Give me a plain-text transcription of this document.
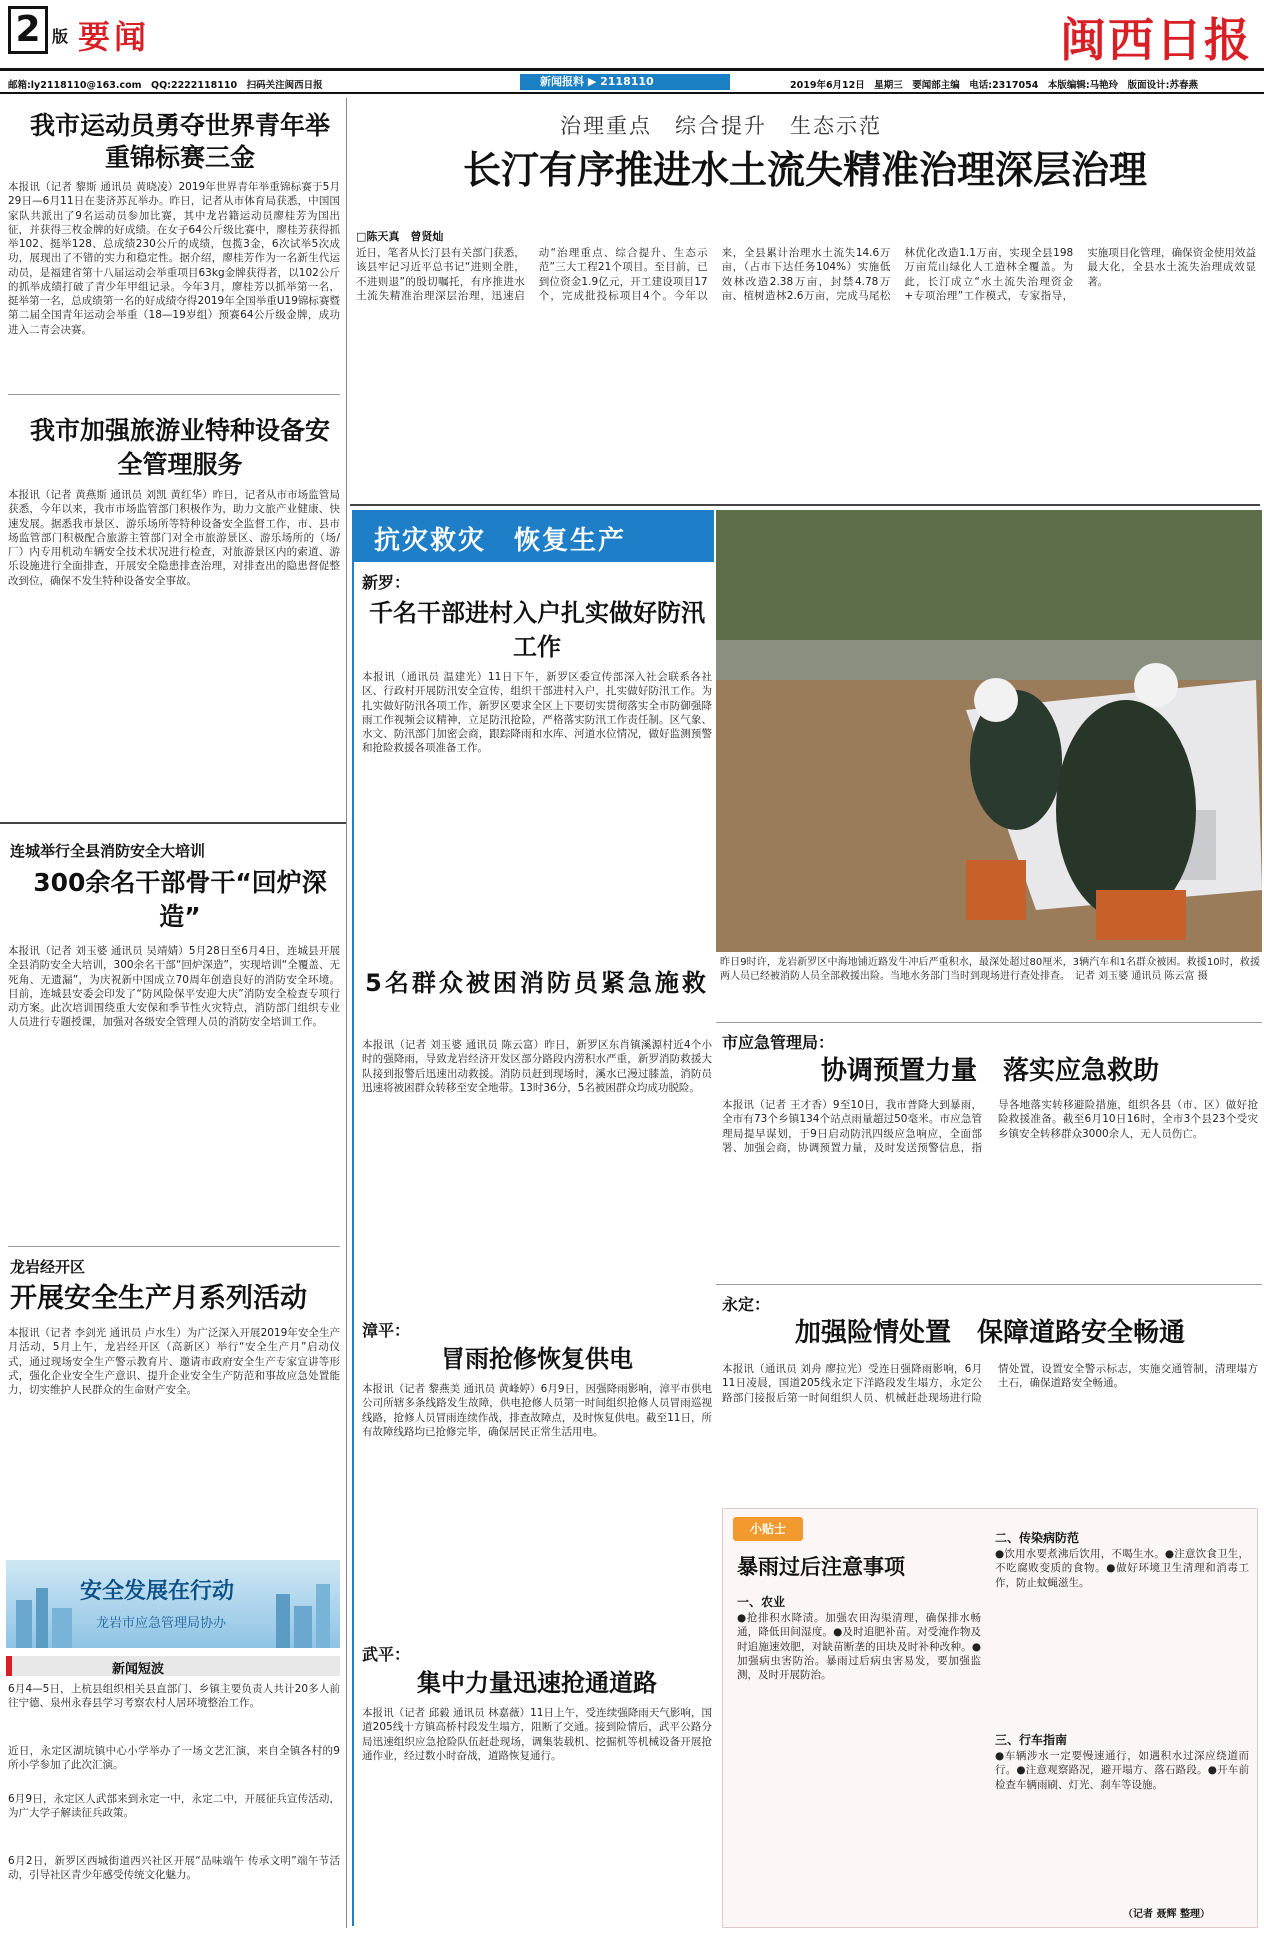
2 版 要闻	闽西日报
邮箱:ly2118110@163.com　QQ:2222118110　扫码关注闽西日报	新闻报料 ▶ 2118110	2019年6月12日　星期三　要闻部主编　电话:2317054　本版编辑:马艳玲　版面设计:苏春燕
我市运动员勇夺世界青年举重锦标赛三金
本报讯（记者 黎斯 通讯员 黄晓凌）2019年世界青年举重锦标赛于5月29日—6月11日在斐济苏瓦举办。昨日，记者从市体育局获悉，中国国家队共派出了9名运动员参加比赛，其中龙岩籍运动员廖桂芳为国出征，并获得三枚金牌的好成绩。在女子64公斤级比赛中，廖桂芳获得抓举102、挺举128、总成绩230公斤的成绩，包揽3金，6次试举5次成功，展现出了不错的实力和稳定性。据介绍，廖桂芳作为一名新生代运动员，是福建省第十八届运动会举重项目63kg金牌获得者，以102公斤的抓举成绩打破了青少年甲组记录。今年3月，廖桂芳以抓举第一名，挺举第一名，总成绩第一名的好成绩夺得2019年全国举重U19锦标赛暨第二届全国青年运动会举重（18—19岁组）预赛64公斤级金牌，成功进入二青会决赛。
我市加强旅游业特种设备安全管理服务
本报讯（记者 黄燕斯 通讯员 刘凯 黄红华）昨日，记者从市市场监管局获悉，今年以来，我市市场监管部门积极作为，助力文旅产业健康、快速发展。据悉我市景区、游乐场所等特种设备安全监督工作，市、县市场监管部门积极配合旅游主管部门对全市旅游景区、游乐场所的（场/厂）内专用机动车辆安全技术状况进行检查，对旅游景区内的索道、游乐设施进行全面排查，开展安全隐患排查治理，对排查出的隐患督促整改到位，确保不发生特种设备安全事故。
连城举行全县消防安全大培训
300余名干部骨干“回炉深造”
本报讯（记者 刘玉婆 通讯员 吴靖婧）5月28日至6月4日，连城县开展全县消防安全大培训，300余名干部“回炉深造”，实现培训“全覆盖、无死角、无遗漏”，为庆祝新中国成立70周年创造良好的消防安全环境。目前，连城县安委会印发了“防风险保平安迎大庆”消防安全检查专项行动方案。此次培训围绕重大安保和季节性火灾特点，消防部门组织专业人员进行专题授课，加强对各级安全管理人员的消防安全培训工作。
龙岩经开区
开展安全生产月系列活动
本报讯（记者 李剑光 通讯员 卢水生）为广泛深入开展2019年安全生产月活动，5月上午，龙岩经开区（高新区）举行“安全生产月”启动仪式，通过现场安全生产警示教育片、邀请市政府安全生产专家宣讲等形式，强化企业安全生产意识、提升企业安全生产防范和事故应急处置能力，切实维护人民群众的生命财产安全。
安全发展在行动
龙岩市应急管理局协办
新闻短波
6月4—5日，上杭县组织相关县直部门、乡镇主要负责人共计20多人前往宁德、泉州永春县学习考察农村人居环境整治工作。
近日，永定区湖坑镇中心小学举办了一场文艺汇演，来自全镇各村的9所小学参加了此次汇演。
6月9日，永定区人武部来到永定一中，永定二中，开展征兵宣传活动，为广大学子解读征兵政策。
6月2日，新罗区西城街道西兴社区开展“品味端午 传承文明”端午节活动，引导社区青少年感受传统文化魅力。
治理重点　综合提升　生态示范
长汀有序推进水土流失精准治理深层治理
□陈天真　曾贤灿
近日，笔者从长汀县有关部门获悉，该县牢记习近平总书记“进则全胜，不进则退”的殷切嘱托，有序推进水土流失精准治理深层治理，迅速启动“治理重点、综合提升、生态示范”三大工程21个项目。至目前，已到位资金1.9亿元，开工建设项目17个，完成批投标项目4个。今年以来，全县累计治理水土流失14.6万亩，（占市下达任务104%）实施低效林改造2.38万亩，封禁4.78万亩、植树造林2.6万亩，完成马尾松林优化改造1.1万亩，实现全县198万亩荒山绿化人工造林全覆盖。为此，长汀成立“水土流失治理资金+专项治理”工作模式，专家指导，实施项目化管理，确保资金使用效益最大化，全县水土流失治理成效显著。
抗灾救灾　恢复生产
昨日9时许，龙岩新罗区中海地铺近路发牛冲后严重积水，最深处超过80厘米，3辆汽车和1名群众被困。救援10时，救援两人员已经被消防人员全部救援出险。当地水务部门当时到现场进行查处排查。　记者 刘玉婆 通讯员 陈云富 摄
新罗：
千名干部进村入户扎实做好防汛工作
本报讯（通讯员 温建光）11日下午，新罗区委宣传部深入社会联系各社区、行政村开展防汛安全宣传，组织干部进村入户，扎实做好防汛工作。为扎实做好防汛各项工作，新罗区要求全区上下要切实贯彻落实全市防御强降雨工作视频会议精神，立足防汛抢险，严格落实防汛工作责任制。区气象、水文、防汛部门加密会商，跟踪降雨和水库、河道水位情况，做好监测预警和抢险救援各项准备工作。
5名群众被困消防员紧急施救
本报讯（记者 刘玉婆 通讯员 陈云富）昨日，新罗区东肖镇溪源村近4个小时的强降雨，导致龙岩经济开发区部分路段内涝积水严重，新罗消防救援大队接到报警后迅速出动救援。消防员赶到现场时，溪水已漫过膝盖，消防员迅速将被困群众转移至安全地带。13时36分，5名被困群众均成功脱险。
漳平：
冒雨抢修恢复供电
本报讯（记者 黎燕美 通讯员 黄峰婷）6月9日，因强降雨影响，漳平市供电公司所辖多条线路发生故障，供电抢修人员第一时间组织抢修人员冒雨巡视线路，抢修人员冒雨连续作战，排查故障点，及时恢复供电。截至11日，所有故障线路均已抢修完毕，确保居民正常生活用电。
武平：
集中力量迅速抢通道路
本报讯（记者 邱毅 通讯员 林嘉薇）11日上午，受连续强降雨天气影响，国道205线十方镇高桥村段发生塌方，阻断了交通。接到险情后，武平公路分局迅速组织应急抢险队伍赶赴现场，调集装载机、挖掘机等机械设备开展抢通作业，经过数小时奋战，道路恢复通行。
市应急管理局：
协调预置力量　落实应急救助
本报讯（记者 王才香）9至10日，我市普降大到暴雨，全市有73个乡镇134个站点雨量超过50毫米。市应急管理局提早谋划，于9日启动防汛四级应急响应，全面部署、加强会商，协调预置力量，及时发送预警信息，指导各地落实转移避险措施，组织各县（市、区）做好抢险救援准备。截至6月10日16时，全市3个县23个受灾乡镇安全转移群众3000余人，无人员伤亡。
永定：
加强险情处置　保障道路安全畅通
本报讯（通讯员 刘舟 廖拉光）受连日强降雨影响，6月11日凌晨，国道205线永定下洋路段发生塌方，永定公路部门接报后第一时间组织人员、机械赶赴现场进行险情处置，设置安全警示标志，实施交通管制，清理塌方土石，确保道路安全畅通。
小贴士
暴雨过后注意事项
一、农业
●抢排积水降渍。加强农田沟渠清理，确保排水畅通，降低田间湿度。●及时追肥补苗。对受淹作物及时追施速效肥，对缺苗断垄的田块及时补种改种。●加强病虫害防治。暴雨过后病虫害易发，要加强监测，及时开展防治。
二、传染病防范
●饮用水要煮沸后饮用，不喝生水。●注意饮食卫生，不吃腐败变质的食物。●做好环境卫生清理和消毒工作，防止蚊蝇滋生。
三、行车指南
●车辆涉水一定要慢速通行，如遇积水过深应绕道而行。●注意观察路况，避开塌方、落石路段。●开车前检查车辆雨刷、灯光、刹车等设施。
（记者 聂辉 整理）
